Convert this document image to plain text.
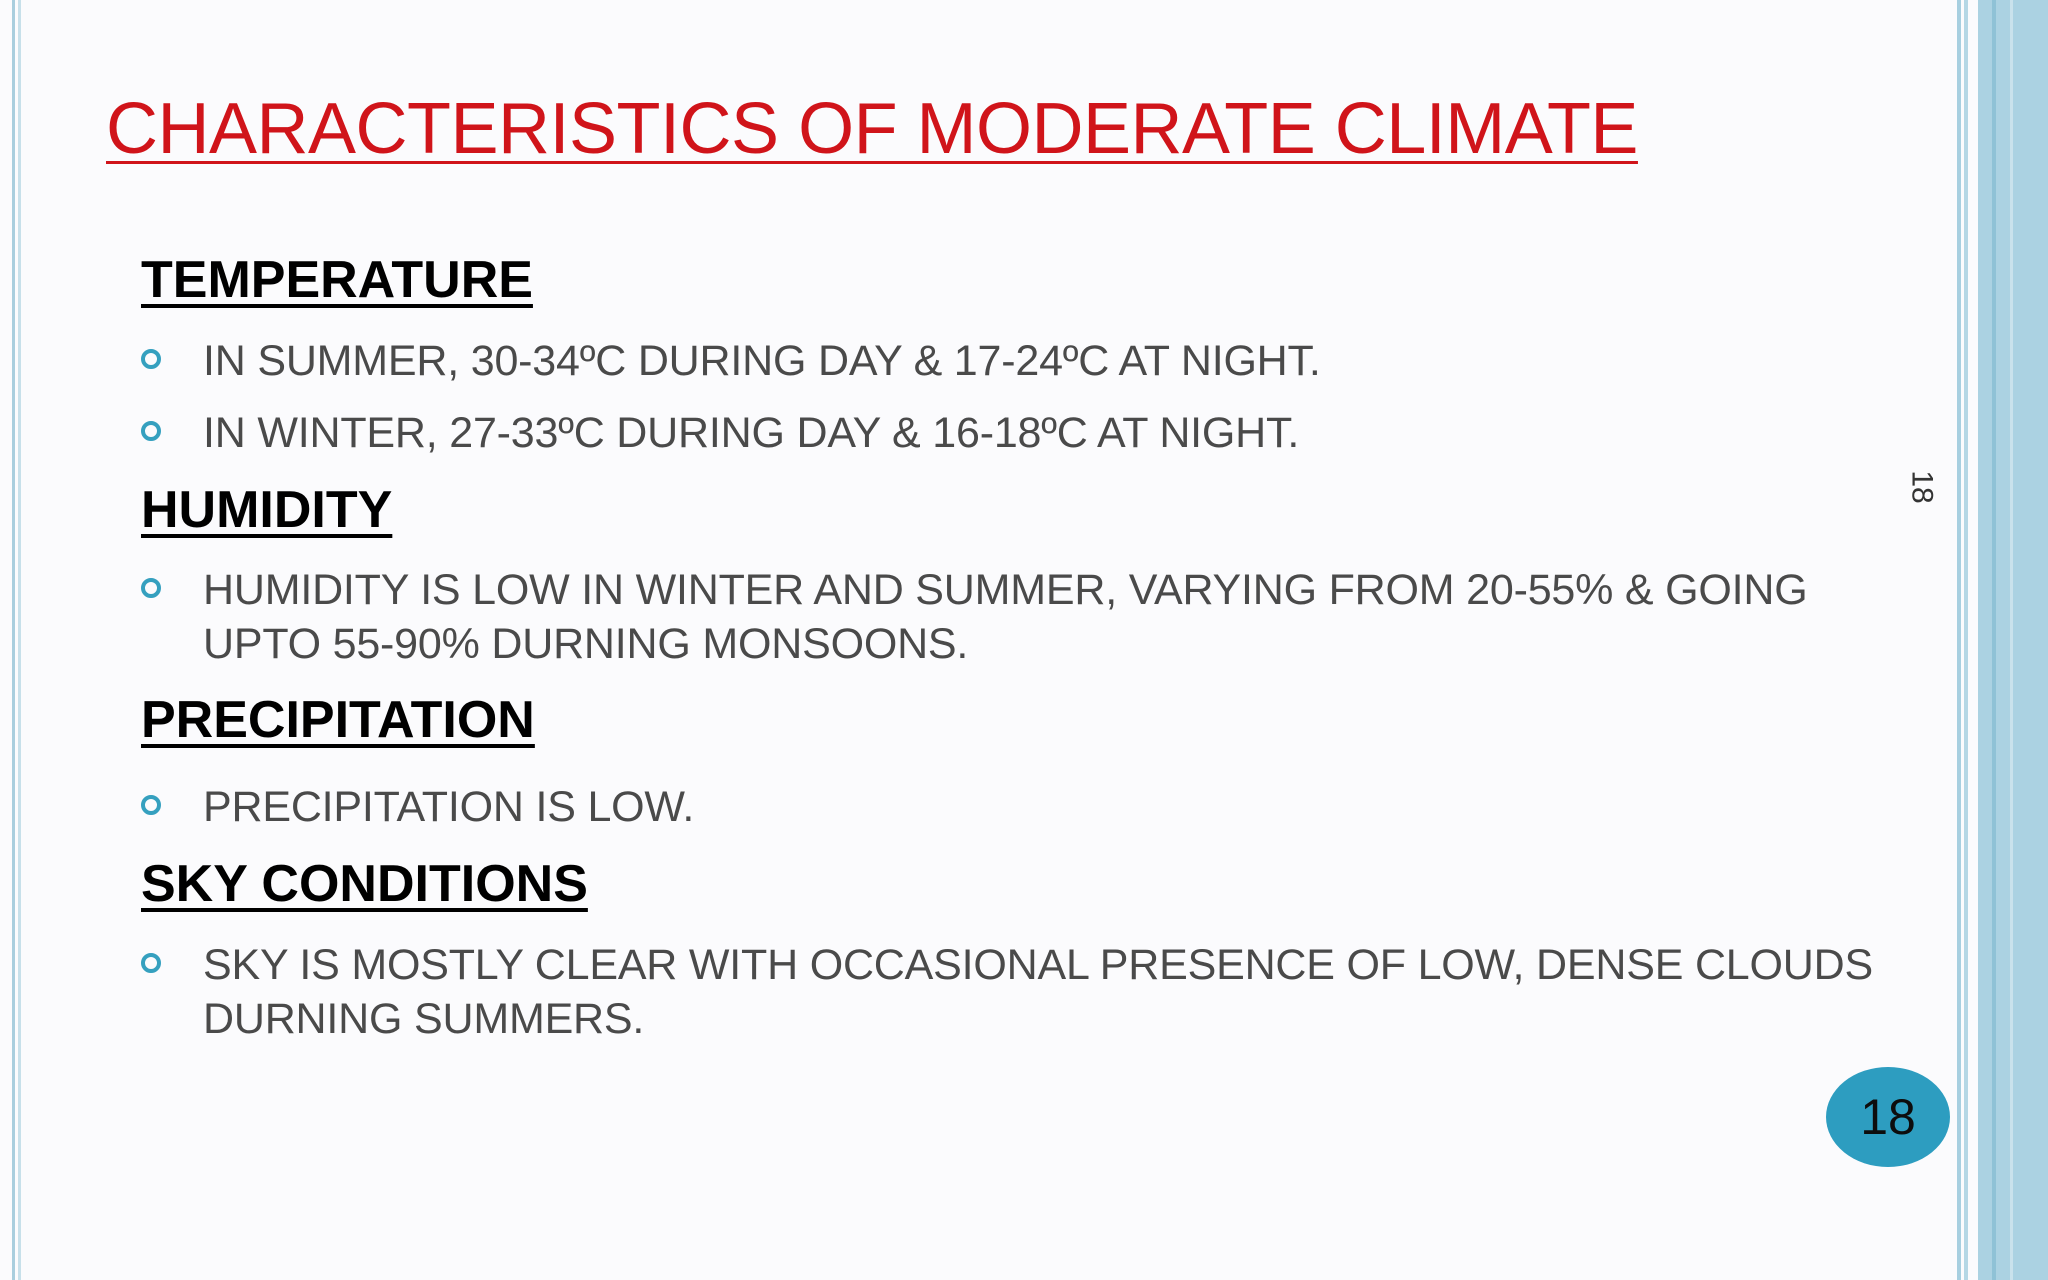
CHARACTERISTICS OF MODERATE CLIMATE
TEMPERATURE
IN SUMMER, 30-34ºC DURING DAY & 17-24ºC AT NIGHT.
IN WINTER, 27-33ºC DURING DAY & 16-18ºC AT NIGHT.
HUMIDITY
HUMIDITY IS LOW IN WINTER AND SUMMER, VARYING FROM 20-55% & GOING UPTO 55-90% DURNING MONSOONS.
PRECIPITATION
PRECIPITATION IS LOW.
SKY CONDITIONS
SKY IS MOSTLY CLEAR WITH OCCASIONAL PRESENCE OF LOW, DENSE CLOUDS DURNING SUMMERS.
18
18
